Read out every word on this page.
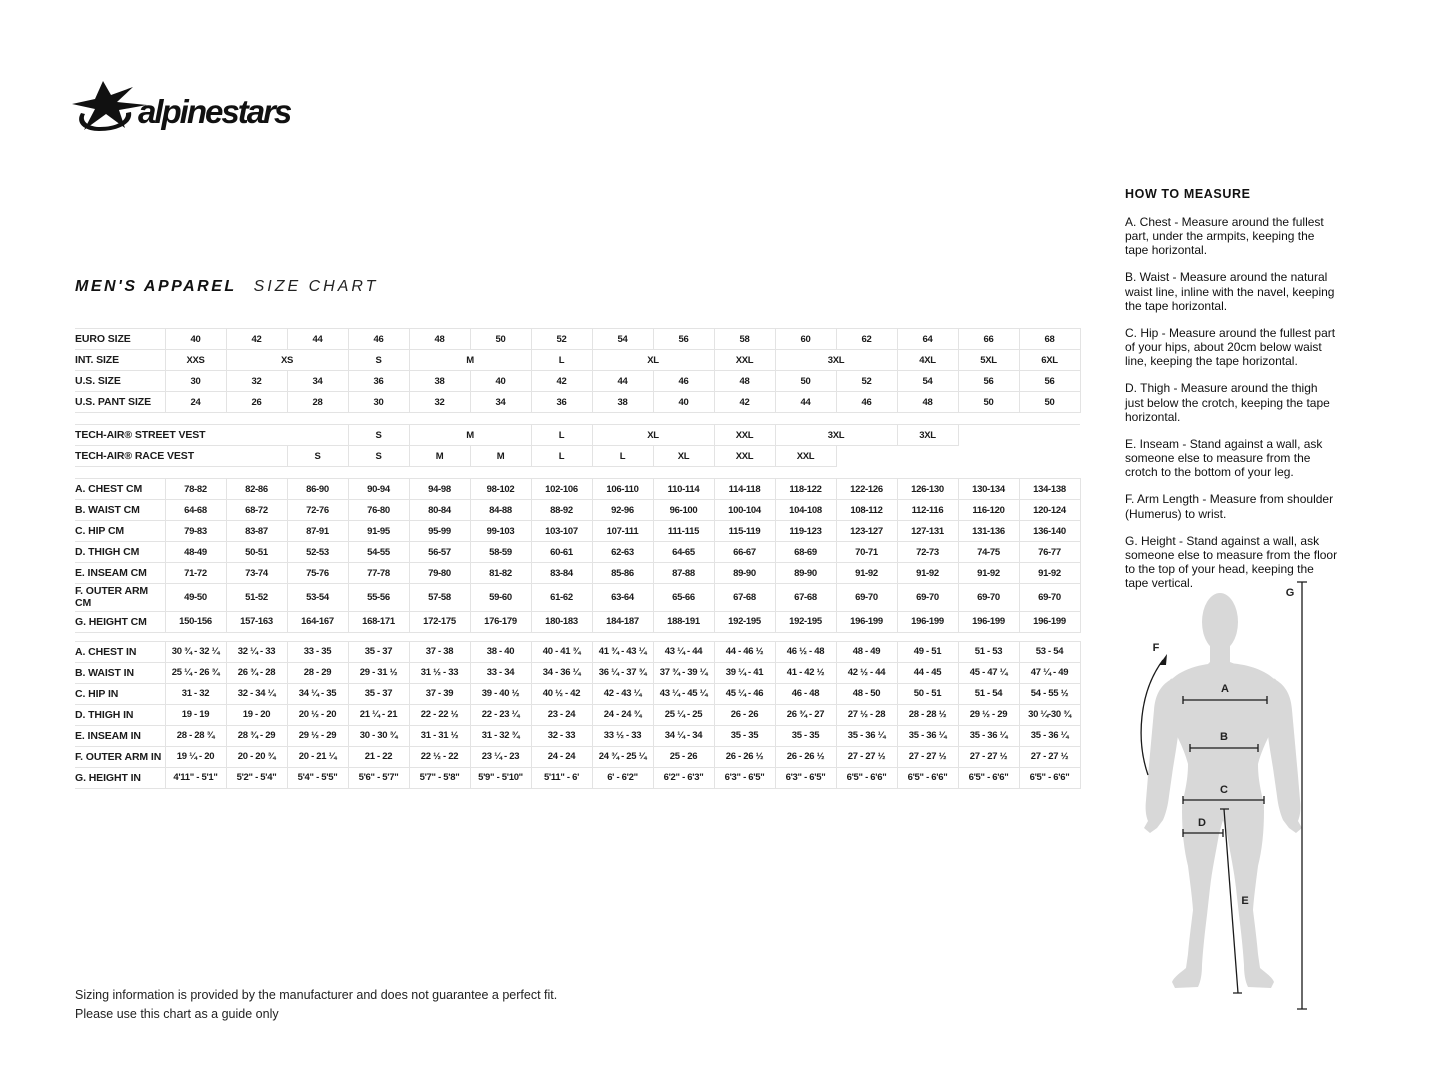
alpinestars
MEN'S APPAREL SIZE CHART
EURO SIZE	40	42	44	46	48	50	52	54	56	58	60	62	64	66	68
INT. SIZE	XXS	XS		S	M		L	XL		XXL	3XL		4XL	5XL	6XL
U.S. SIZE	30	32	34	36	38	40	42	44	46	48	50	52	54	56	56
U.S. PANT SIZE	24	26	28	30	32	34	36	38	40	42	44	46	48	50	50

TECH-AIR® STREET VEST				S	M		L	XL		XXL	3XL		3XL		
TECH-AIR® RACE VEST			S	S	M	M	L	L	XL	XXL	XXL				

A. CHEST CM	78-82	82-86	86-90	90-94	94-98	98-102	102-106	106-110	110-114	114-118	118-122	122-126	126-130	130-134	134-138
B. WAIST CM	64-68	68-72	72-76	76-80	80-84	84-88	88-92	92-96	96-100	100-104	104-108	108-112	112-116	116-120	120-124
C. HIP CM	79-83	83-87	87-91	91-95	95-99	99-103	103-107	107-111	111-115	115-119	119-123	123-127	127-131	131-136	136-140
D. THIGH CM	48-49	50-51	52-53	54-55	56-57	58-59	60-61	62-63	64-65	66-67	68-69	70-71	72-73	74-75	76-77
E. INSEAM CM	71-72	73-74	75-76	77-78	79-80	81-82	83-84	85-86	87-88	89-90	89-90	91-92	91-92	91-92	91-92
F. OUTER ARM CM	49-50	51-52	53-54	55-56	57-58	59-60	61-62	63-64	65-66	67-68	67-68	69-70	69-70	69-70	69-70
G. HEIGHT CM	150-156	157-163	164-167	168-171	172-175	176-179	180-183	184-187	188-191	192-195	192-195	196-199	196-199	196-199	196-199

A. CHEST IN	30 ¾ - 32 ¼	32 ¼ - 33	33 - 35	35 - 37	37 - 38	38 - 40	40 - 41 ¾	41 ¾ - 43 ¼	43 ¼ - 44	44 - 46 ½	46 ½ - 48	48 - 49	49 - 51	51 - 53	53 - 54
B. WAIST IN	25 ¼ - 26 ¾	26 ¾ - 28	28 - 29	29 - 31 ½	31 ½ - 33	33 - 34	34 - 36 ¼	36 ¼ - 37 ¾	37 ¾ - 39 ¼	39 ¼ - 41	41 - 42 ½	42 ½ - 44	44 - 45	45 - 47 ¼	47 ¼ - 49
C. HIP IN	31 - 32	32 - 34 ¼	34 ¼ - 35	35 - 37	37 - 39	39 - 40 ½	40 ½ - 42	42 - 43 ¼	43 ¼ - 45 ¼	45 ¼ - 46	46 - 48	48 - 50	50 - 51	51 - 54	54 - 55 ½
D. THIGH IN	19 - 19	19 - 20	20 ½ - 20	21 ¼ - 21	22 - 22 ½	22 - 23 ¼	23 - 24	24 - 24 ¾	25 ¼ - 25	26 - 26	26 ¾ - 27	27 ½ - 28	28 - 28 ½	29 ½ - 29	30 ¼-30 ¾
E. INSEAM IN	28 - 28 ¾	28 ¾ - 29	29 ½ - 29	30 - 30 ¾	31 - 31 ½	31 - 32 ¾	32 - 33	33 ½ - 33	34 ¼ - 34	35 - 35	35 - 35	35 - 36 ¼	35 - 36 ¼	35 - 36 ¼	35 - 36 ¼
F. OUTER ARM IN	19 ¼ - 20	20 - 20 ¾	20 - 21 ¼	21 - 22	22 ½ - 22	23 ¼ - 23	24 - 24	24 ¾ - 25 ¼	25 - 26	26 - 26 ½	26 - 26 ½	27 - 27 ½	27 - 27 ½	27 - 27 ½	27 - 27 ½
G. HEIGHT IN	4'11" - 5'1"	5'2" - 5'4"	5'4" - 5'5"	5'6" - 5'7"	5'7" - 5'8"	5'9" - 5'10"	5'11" - 6'	6' - 6'2"	6'2" - 6'3"	6'3" - 6'5"	6'3" - 6'5"	6'5" - 6'6"	6'5" - 6'6"	6'5" - 6'6"	6'5" - 6'6"
HOW TO MEASURE

A. Chest - Measure around the fullest part, under the armpits, keeping the tape horizontal.

B. Waist - Measure around the natural waist line, inline with the navel, keeping the tape horizontal.

C. Hip - Measure around the fullest part of your hips, about 20cm below waist line, keeping the tape horizontal.

D. Thigh - Measure around the thigh just below the crotch, keeping the tape horizontal.

E. Inseam - Stand against a wall, ask someone else to measure from the crotch to the bottom of your leg.

F. Arm Length - Measure from shoulder (Humerus) to wrist.

G. Height - Stand against a wall, ask someone else to measure from the floor to the top of your head, keeping the tape vertical.

A
B
C
D
E
F
G
Sizing information is provided by the manufacturer and does not guarantee a perfect fit.
Please use this chart as a guide only
